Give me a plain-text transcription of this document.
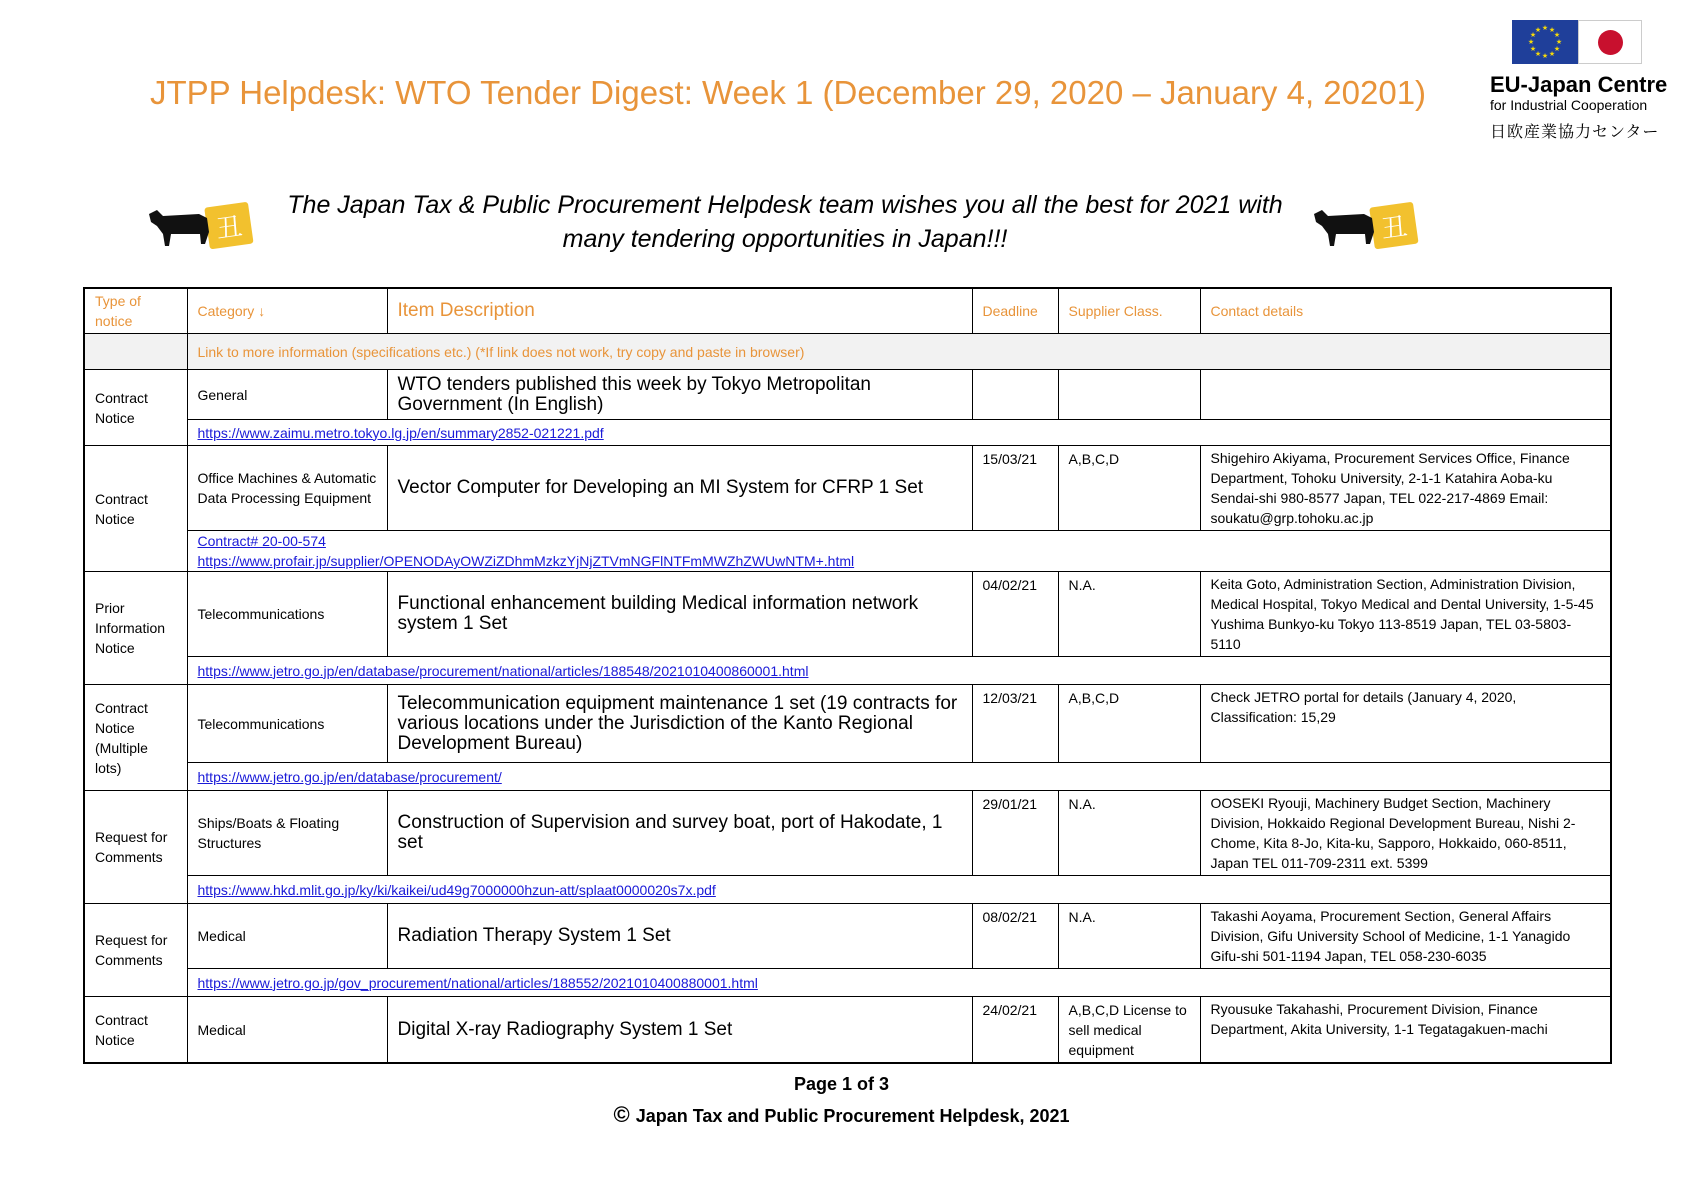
JTPP Helpdesk: WTO Tender Digest: Week 1 (December 29, 2020 – January 4, 20201)
★ ★
★
★
★
★
★
★
★
★
★
★
EU-Japan Centre
for Industrial Cooperation
日欧産業協力センター
丑
The Japan Tax & Public Procurement Helpdesk team wishes you all the best for 2021 with
many tendering opportunities in Japan!!!	丑
Type of notice	Category ↓	Item Description	Deadline	Supplier Class.	Contact details
	Link to more information (specifications etc.) (*If link does not work, try copy and paste in browser)				
Contract Notice	General	WTO tenders published this week by Tokyo Metropolitan Government (In English)			
	https://www.zaimu.metro.tokyo.lg.jp/en/summary2852-021221.pdf				
Contract Notice	Office Machines & Automatic Data Processing Equipment	Vector Computer for Developing an MI System for CFRP 1 Set	15/03/21	A,B,C,D	Shigehiro Akiyama, Procurement Services Office, Finance Department, Tohoku University, 2-1-1 Katahira Aoba-ku Sendai-shi 980-8577 Japan, TEL 022-217-4869 Email: soukatu@grp.tohoku.ac.jp

	Contract# 20-00-574
https://www.profair.jp/supplier/OPENODAyOWZiZDhmMzkzYjNjZTVmNGFlNTFmMWZhZWUwNTM+.html				

Prior Information Notice	Telecommunications	Functional enhancement building Medical information network system 1 Set	04/02/21	N.A.	Keita Goto, Administration Section, Administration Division, Medical Hospital, Tokyo Medical and Dental University, 1-5-45 Yushima Bunkyo-ku Tokyo 113-8519 Japan, TEL 03-5803-5110
	https://www.jetro.go.jp/en/database/procurement/national/articles/188548/2021010400860001.html				
Contract Notice (Multiple lots)	Telecommunications	Telecommunication equipment maintenance 1 set (19 contracts for various locations under the Jurisdiction of the Kanto Regional Development Bureau)	12/03/21	A,B,C,D	Check JETRO portal for details (January 4, 2020, Classification: 15,29
	https://www.jetro.go.jp/en/database/procurement/				
Request for Comments	Ships/Boats & Floating Structures	Construction of Supervision and survey boat, port of Hakodate, 1 set	29/01/21	N.A.	OOSEKI Ryouji, Machinery Budget Section, Machinery Division, Hokkaido Regional Development Bureau, Nishi 2-Chome, Kita 8-Jo, Kita-ku, Sapporo, Hokkaido, 060-8511, Japan TEL 011-709-2311 ext. 5399
	https://www.hkd.mlit.go.jp/ky/ki/kaikei/ud49g7000000hzun-att/splaat0000020s7x.pdf				
Request for Comments	Medical	Radiation Therapy System 1 Set	08/02/21	N.A.	Takashi Aoyama, Procurement Section, General Affairs Division, Gifu University School of Medicine, 1-1 Yanagido Gifu-shi 501-1194 Japan, TEL 058-230-6035
	https://www.jetro.go.jp/gov_procurement/national/articles/188552/2021010400880001.html				
Contract Notice	Medical	Digital X-ray Radiography System 1 Set	24/02/21	A,B,C,D License to sell medical equipment	Ryousuke Takahashi, Procurement Division, Finance Department, Akita University, 1-1 Tegatagakuen-machi
Page 1 of 3
© Japan Tax and Public Procurement Helpdesk, 2021
